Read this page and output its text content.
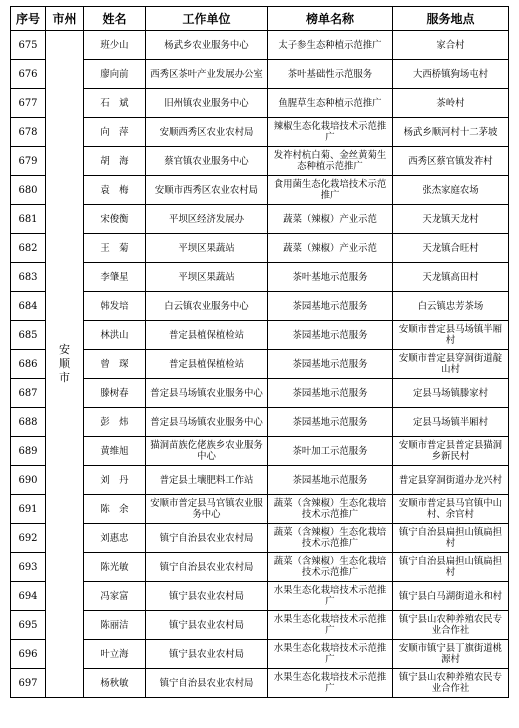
序号	市州	姓名	工作单位	榜单名称	服务地点
675	安顺市	班少山	杨武乡农业服务中心	太子参生态种植示范推广	家合村
676		廖向前	西秀区茶叶产业发展办公室	茶叶基础性示范服务	大西桥镇狗场屯村
677		石　斌	旧州镇农业服务中心	鱼腥草生态种植示范推广	茶岭村
678		向　萍	安顺西秀区农业农村局	辣椒生态化栽培技术示范推广	杨武乡顺河村十二茅坡
679		胡　海	蔡官镇农业服务中心	发祚村杭白菊、金丝黄菊生态种植示范推广	西秀区蔡官镇发祚村
680		袁　梅	安顺市西秀区农业农村局	食用菌生态化栽培技术示范推广	张杰家庭农场
681		宋俊衡	平坝区经济发展办	蔬菜（辣椒）产业示范	天龙镇天龙村
682		王　菊	平坝区果蔬站	蔬菜（辣椒）产业示范	天龙镇合旺村
683		李肇星	平坝区果蔬站	茶叶基地示范服务	天龙镇高田村
684		韩发培	白云镇农业服务中心	茶园基地示范服务	白云镇忠芳茶场
685		林洪山	普定县植保植检站	茶园基地示范服务	安顺市普定县马场镇半厢村
686		曾　琛	普定县植保植检站	茶园基地示范服务	安顺市普定县穿洞街道靛山村
687		滕树春	普定县马场镇农业服务中心	茶园基地示范服务	定县马场镇滕家村
688		彭　炜	普定县马场镇农业服务中心	茶园基地示范服务	定县马场镇半厢村
689		黄维旭	猫洞苗族仡佬族乡农业服务中心	茶叶加工示范服务	安顺市普定县普定县猫洞乡新民村
690		刘　丹	普定县土壤肥料工作站	茶园基地示范服务	普定县穿洞街道办龙兴村
691		陈　余	安顺市普定县马官镇农业服务中心	蔬菜（含辣椒）生态化栽培技术示范推广	安顺市普定县马官镇中山村、余官村
692		刘惠忠	镇宁自治县农业农村局	蔬菜（含辣椒）生态化栽培技术示范推广	镇宁自治县扁担山镇扁担村
693		陈光敏	镇宁自治县农业农村局	蔬菜（含辣椒）生态化栽培技术示范推广	镇宁自治县扁担山镇扁担村
694		冯家富	镇宁县农业农村局	水果生态化栽培技术示范推广	镇宁县白马湖街道永和村
695		陈丽洁	镇宁县农业农村局	水果生态化栽培技术示范推广	镇宁县山农种养殖农民专业合作社
696		叶立海	镇宁县农业农村局	水果生态化栽培技术示范推广	安顺市镇宁县丁旗街道桃源村
697		杨秋敏	镇宁自治县农业农村局	水果生态化栽培技术示范推广	镇宁县山农种养殖农民专业合作社
